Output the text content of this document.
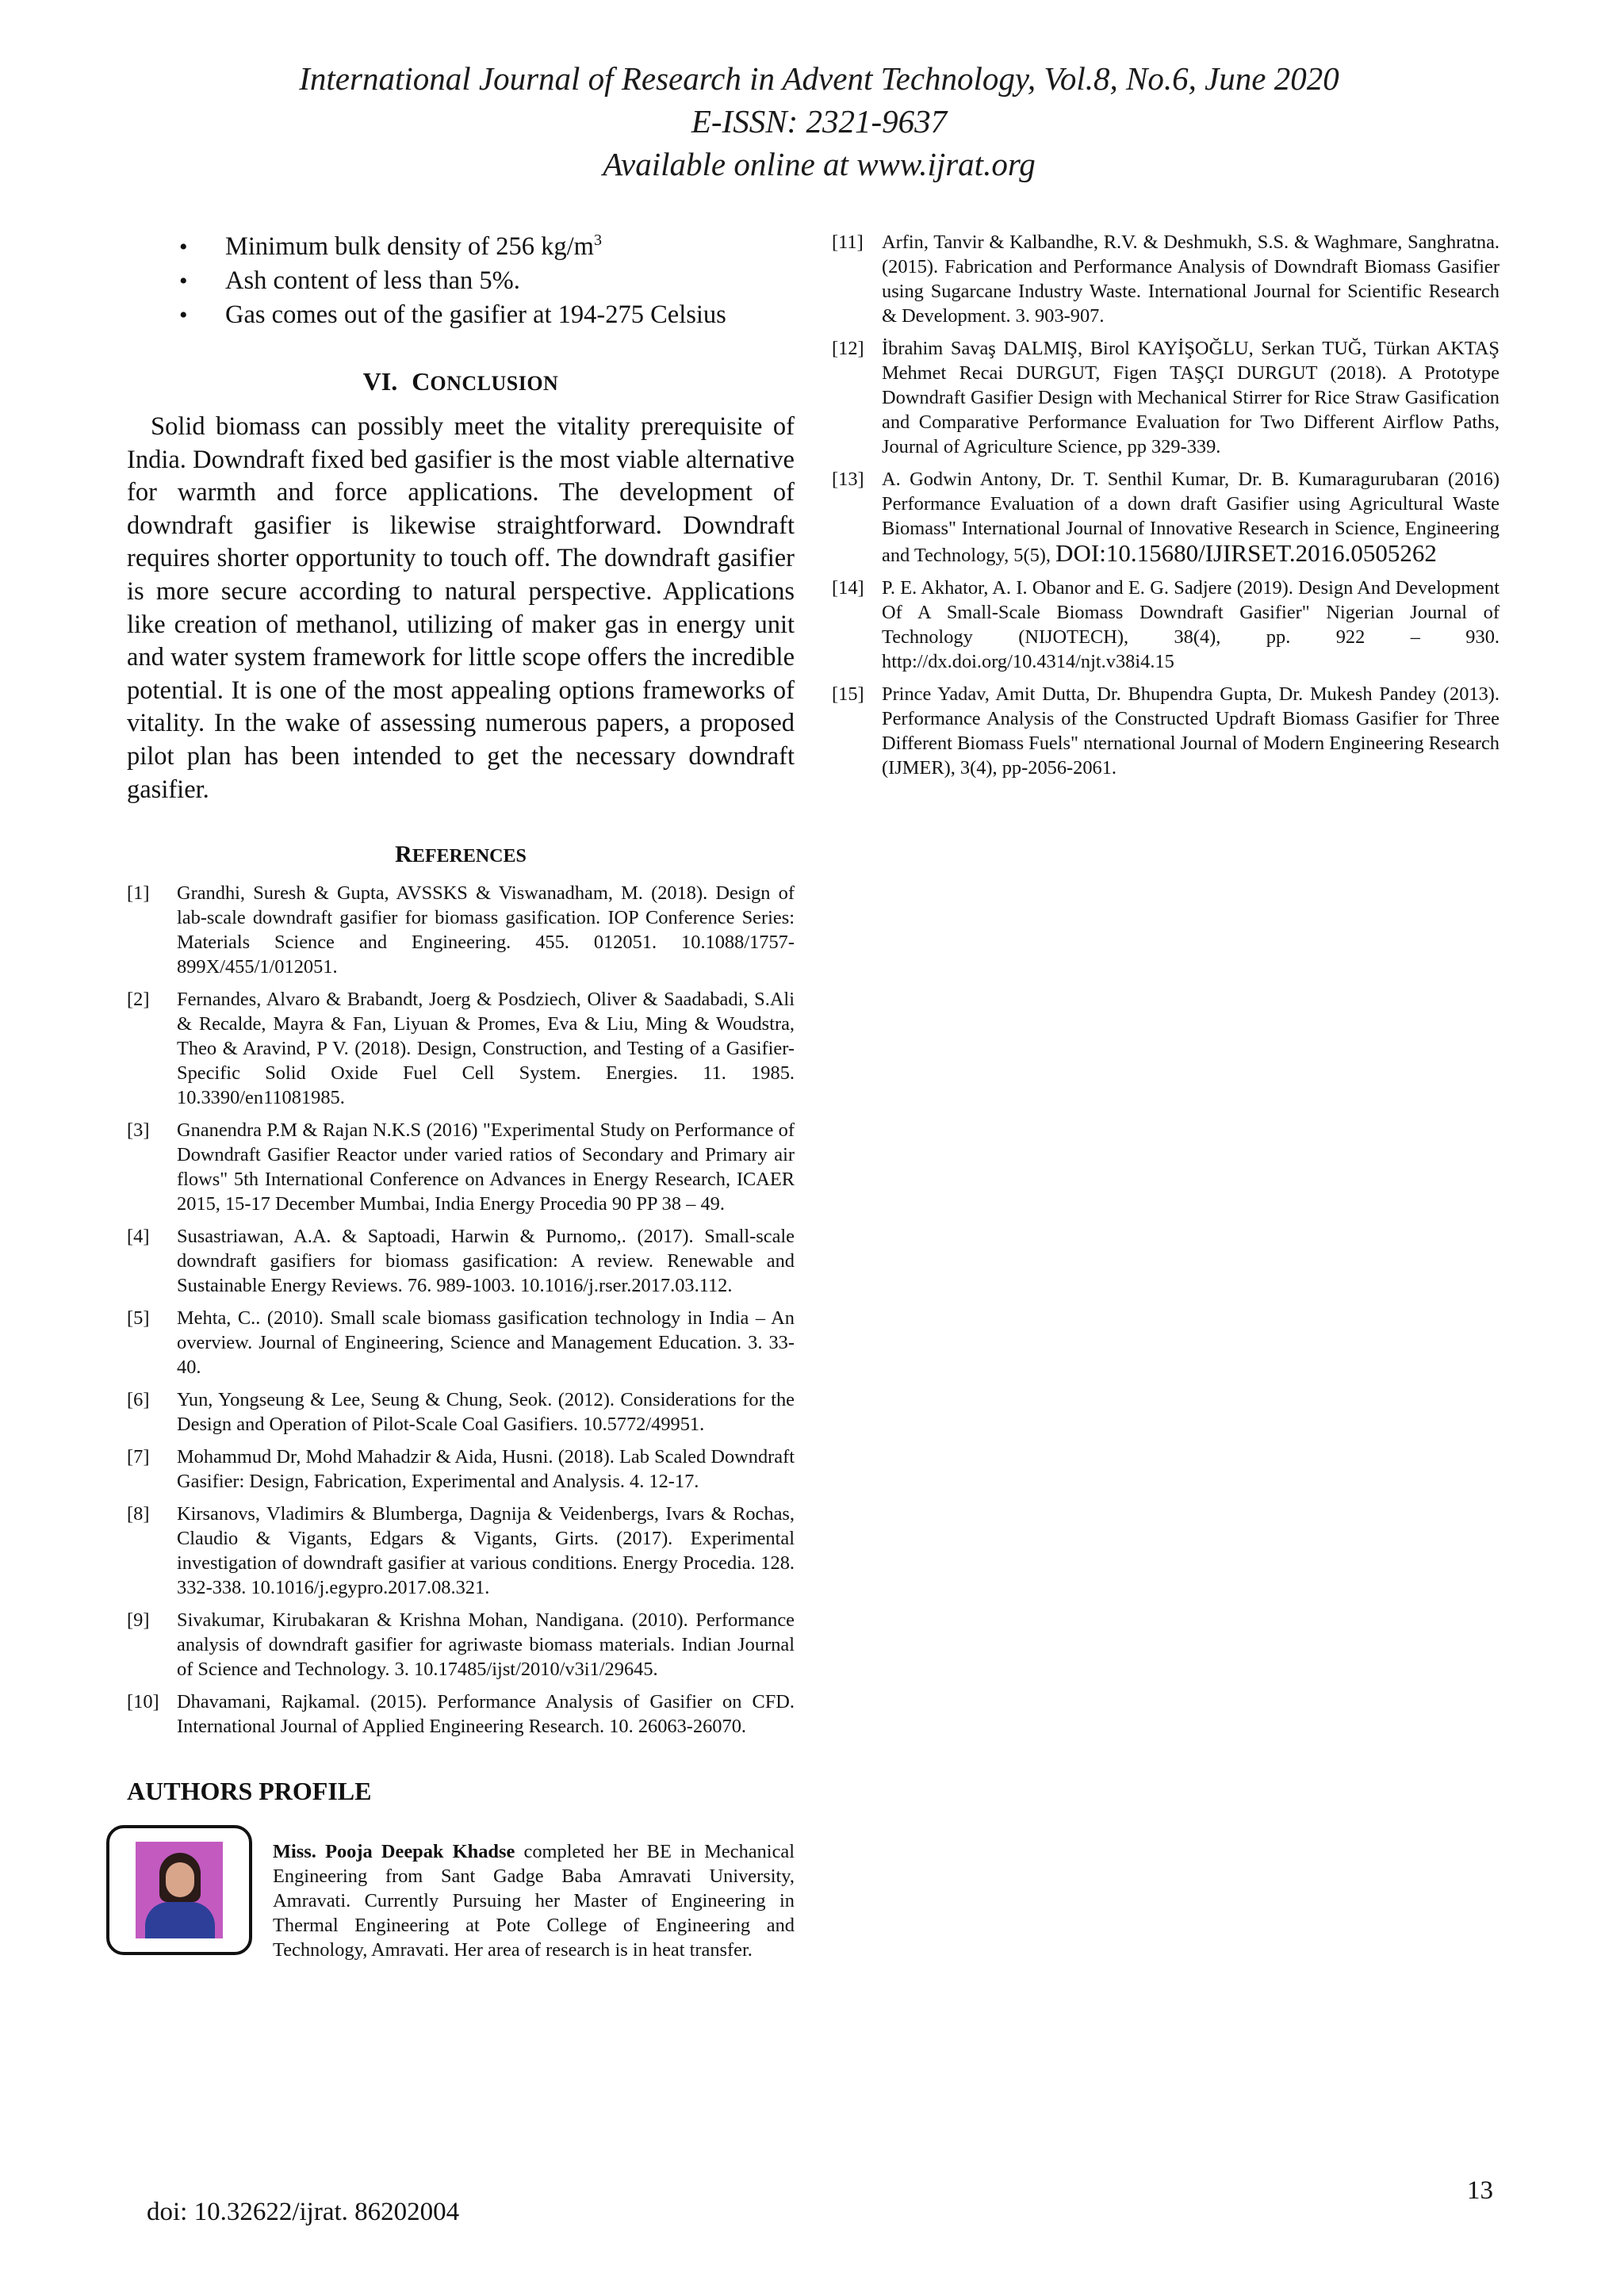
International Journal of Research in Advent Technology, Vol.8, No.6, June 2020
E-ISSN: 2321-9637
Available online at www.ijrat.org
• Minimum bulk density of 256 $kg/m^3$
• Ash content of less than 5%.
• Gas comes out of the gasifier at 194-275 Celsius
VI. CONCLUSION

Solid biomass can possibly meet the vitality prerequisite of India. Downdraft fixed bed gasifier is the most viable alternative for warmth and force applications. The development of downdraft gasifier is likewise straightforward. Downdraft requires shorter opportunity to touch off. The downdraft gasifier is more secure according to natural perspective. Applications like creation of methanol, utilizing of maker gas in energy unit and water system framework for little scope offers the incredible potential. It is one of the most appealing options frameworks of vitality. In the wake of assessing numerous papers, a proposed pilot plan has been intended to get the necessary downdraft gasifier.

REFERENCES
[1]	Grandhi, Suresh & Gupta, AVSSKS & Viswanadham, M. (2018). Design of lab-scale downdraft gasifier for biomass gasification. IOP Conference Series: Materials Science and Engineering. 455. 012051. 10.1088/1757-899X/455/1/012051.
[2]	Fernandes, Alvaro & Brabandt, Joerg & Posdziech, Oliver & Saadabadi, S.Ali & Recalde, Mayra & Fan, Liyuan & Promes, Eva & Liu, Ming & Woudstra, Theo & Aravind, P V. (2018). Design, Construction, and Testing of a Gasifier-Specific Solid Oxide Fuel Cell System. Energies. 11. 1985. 10.3390/en11081985.
[3]	Gnanendra P.M & Rajan N.K.S (2016) "Experimental Study on Performance of Downdraft Gasifier Reactor under varied ratios of Secondary and Primary air flows" 5th International Conference on Advances in Energy Research, ICAER 2015, 15-17 December Mumbai, India Energy Procedia 90 PP 38 – 49.
[4]	Susastriawan, A.A. & Saptoadi, Harwin & Purnomo,. (2017). Small-scale downdraft gasifiers for biomass gasification: A review. Renewable and Sustainable Energy Reviews. 76. 989-1003. 10.1016/j.rser.2017.03.112.
[5]	Mehta, C.. (2010). Small scale biomass gasification technology in India – An overview. Journal of Engineering, Science and Management Education. 3. 33-40.
[6]	Yun, Yongseung & Lee, Seung & Chung, Seok. (2012). Considerations for the Design and Operation of Pilot-Scale Coal Gasifiers. 10.5772/49951.
[7]	Mohammud Dr, Mohd Mahadzir & Aida, Husni. (2018). Lab Scaled Downdraft Gasifier: Design, Fabrication, Experimental and Analysis. 4. 12-17.
[8]	Kirsanovs, Vladimirs & Blumberga, Dagnija & Veidenbergs, Ivars & Rochas, Claudio & Vigants, Edgars & Vigants, Girts. (2017). Experimental investigation of downdraft gasifier at various conditions. Energy Procedia. 128. 332-338. 10.1016/j.egypro.2017.08.321.
[9]	Sivakumar, Kirubakaran & Krishna Mohan, Nandigana. (2010). Performance analysis of downdraft gasifier for agriwaste biomass materials. Indian Journal of Science and Technology. 3. 10.17485/ijst/2010/v3i1/29645.
[10] Dhavamani, Rajkamal. (2015). Performance Analysis of Gasifier on CFD. International Journal of Applied Engineering Research. 10. 26063-26070.
AUTHORS PROFILE
Miss. Pooja Deepak Khadse completed her BE in Mechanical Engineering from Sant Gadge Baba Amravati University, Amravati. Currently Pursuing her Master of Engineering in Thermal Engineering at Pote College of Engineering and Technology, Amravati. Her area of research is in heat transfer.
[11] Arfin, Tanvir & Kalbandhe, R.V. & Deshmukh, S.S. & Waghmare, Sanghratna. (2015). Fabrication and Performance Analysis of Downdraft Biomass Gasifier using Sugarcane Industry Waste. International Journal for Scientific Research & Development. 3. 903-907.
[12] İbrahim Savaş DALMIŞ, Birol KAYİŞOĞLU, Serkan TUĞ, Türkan AKTAŞ Mehmet Recai DURGUT, Figen TAŞÇI DURGUT (2018). A Prototype Downdraft Gasifier Design with Mechanical Stirrer for Rice Straw Gasification and Comparative Performance Evaluation for Two Different Airflow Paths, Journal of Agriculture Science, pp 329-339.
[13] A. Godwin Antony, Dr. T. Senthil Kumar, Dr. B. Kumaragurubaran (2016) Performance Evaluation of a down draft Gasifier using Agricultural Waste Biomass" International Journal of Innovative Research in Science, Engineering and Technology, 5(5), DOI:10.15680/IJIRSET.2016.0505262
[14] P. E. Akhator, A. I. Obanor and E. G. Sadjere (2019). Design And Development Of A Small-Scale Biomass Downdraft Gasifier" Nigerian Journal of Technology (NIJOTECH), 38(4), pp. 922 – 930. http://dx.doi.org/10.4314/njt.v38i4.15
[15] Prince Yadav, Amit Dutta, Dr. Bhupendra Gupta, Dr. Mukesh Pandey (2013). Performance Analysis of the Constructed Updraft Biomass Gasifier for Three Different Biomass Fuels" nternational Journal of Modern Engineering Research (IJMER), 3(4), pp-2056-2061.
doi: 10.32622/ijrat. 86202004
13
